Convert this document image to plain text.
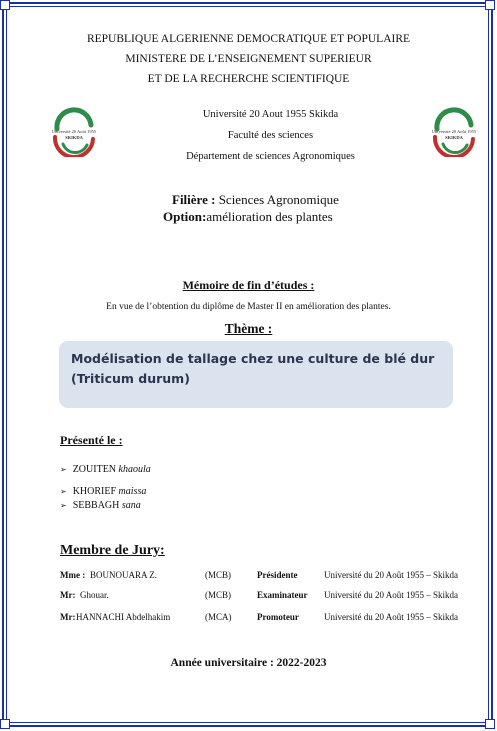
REPUBLIQUE ALGERIENNE DEMOCRATIQUE ET POPULAIRE
MINISTERE DE L’ENSEIGNEMENT SUPERIEUR
ET DE LA RECHERCHE SCIENTIFIQUE
Université 20 Août 1955
SKIKDA
Université 20 Août 1955
SKIKDA
Université 20 Aout 1955 Skikda
Faculté des sciences
Département de sciences Agronomiques
Filière : Sciences Agronomique
Option:amélioration des plantes
Mémoire de fin d’études :
En vue de l’obtention du diplôme de Master II en amélioration des plantes.
Thème :
Modélisation de tallage chez une culture de blé dur (Triticum durum)
Présenté le :
➢ ZOUITEN khaoula
➢ KHORIEF maissa
➢ SEBBAGH sana
Membre de Jury:
Mme : BOUNOUARA Z.	(MCB)	Présidente	Université du 20 Août 1955 – Skikda
Mr: Ghouar.	(MCB)	Examinateur Université du 20 Août 1955 – Skikda
Mr: HANNACHI Abdelhakim	(MCA)	Promoteur	Université du 20 Août 1955 – Skikda
Année universitaire : 2022-2023
